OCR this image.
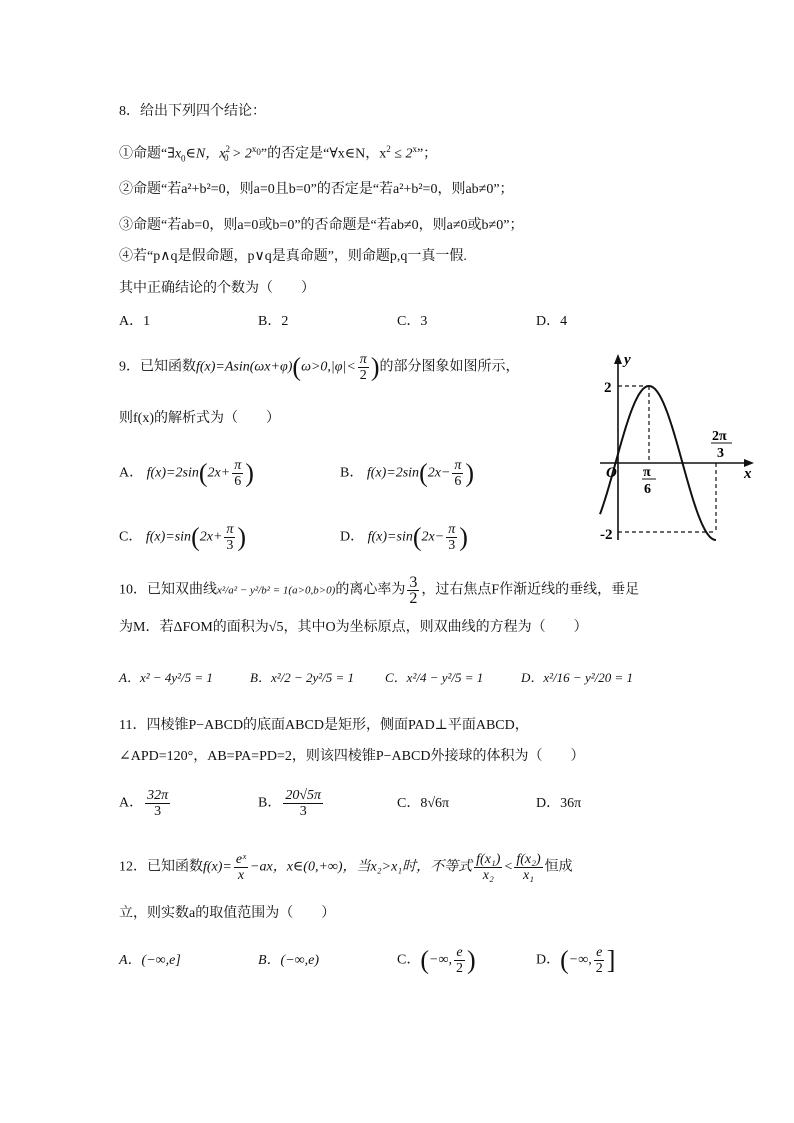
8．给出下列四个结论：
①命题“$\exists x_0\in N$，$x^2_0 > 2^{x_0}$”的否定是“∀x∈N，$x^2 \le 2^x$”；
②命题“若a²+b²=0，则a=0且b=0”的否定是“若a²+b²=0，则ab≠0”；
③命题“若ab=0，则a=0或b=0”的否命题是“若ab≠0，则a≠0或b≠0”；
④若“p∧q是假命题，p∨q是真命题”，则命题p,q一真一假.
其中正确结论的个数为（　　）
A．1	B．2	C．3	D．4
9．已知函数$f(x)=Asin(\omega x+\varphi)(\omega>0,|\varphi|< \frac{\pi}{2}$ )的部分图象如图所示，
则f(x)的解析式为（　　）
A． $f(x)=2\sin(2x+ \frac{\pi}{6}$ )	B． $f(x)=2\sin(2x- \frac{\pi}{6}$ )
C． $f(x)=\sin(2x+ \frac{\pi}{3}$ )	D． $f(x)=\sin(2x- \frac{\pi}{3}$ )
y
x
O
2
-2
π
6
2π
3
10．已知双曲线x²/a² − y²/b² = 1(a>0,b>0)的离心率为 $\frac{3}{2}$ ，过右焦点F作渐近线的垂线，垂足
为M．若ΔFOM的面积为√5，其中O为坐标原点，则双曲线的方程为（　　）
A．x² − 4y²/5 = 1	B．x²/2 − 2y²/5 = 1 C．x²/4 − y²/5 = 1	D．x²/16 − y²/20 = 1
11．四棱锥P−ABCD的底面ABCD是矩形，侧面PAD⊥平面ABCD，
∠APD=120°，AB=PA=PD=2，则该四棱锥P−ABCD外接球的体积为（　　）
A． $\frac{32\pi}{3}$	B． $\frac{20√5\pi}{3}$	C．8√6π	D．36π
12．已知函数$f(x)= \frac{\text{eˣ}}{x} -ax$，x∈(0,+∞)，当x₂>x₁时，不等式 $\frac{\text{f(x₁)}}{\text{x₂}} < \frac{\text{f(x₂)}}{\text{x₁}}$ 恒成
立，则实数a的取值范围为（　　）
A．(−∞,e]	B．(−∞,e)	C．(−∞, $\frac{e}{2}$ )	D．(−∞, $\frac{e}{2}$ ]
